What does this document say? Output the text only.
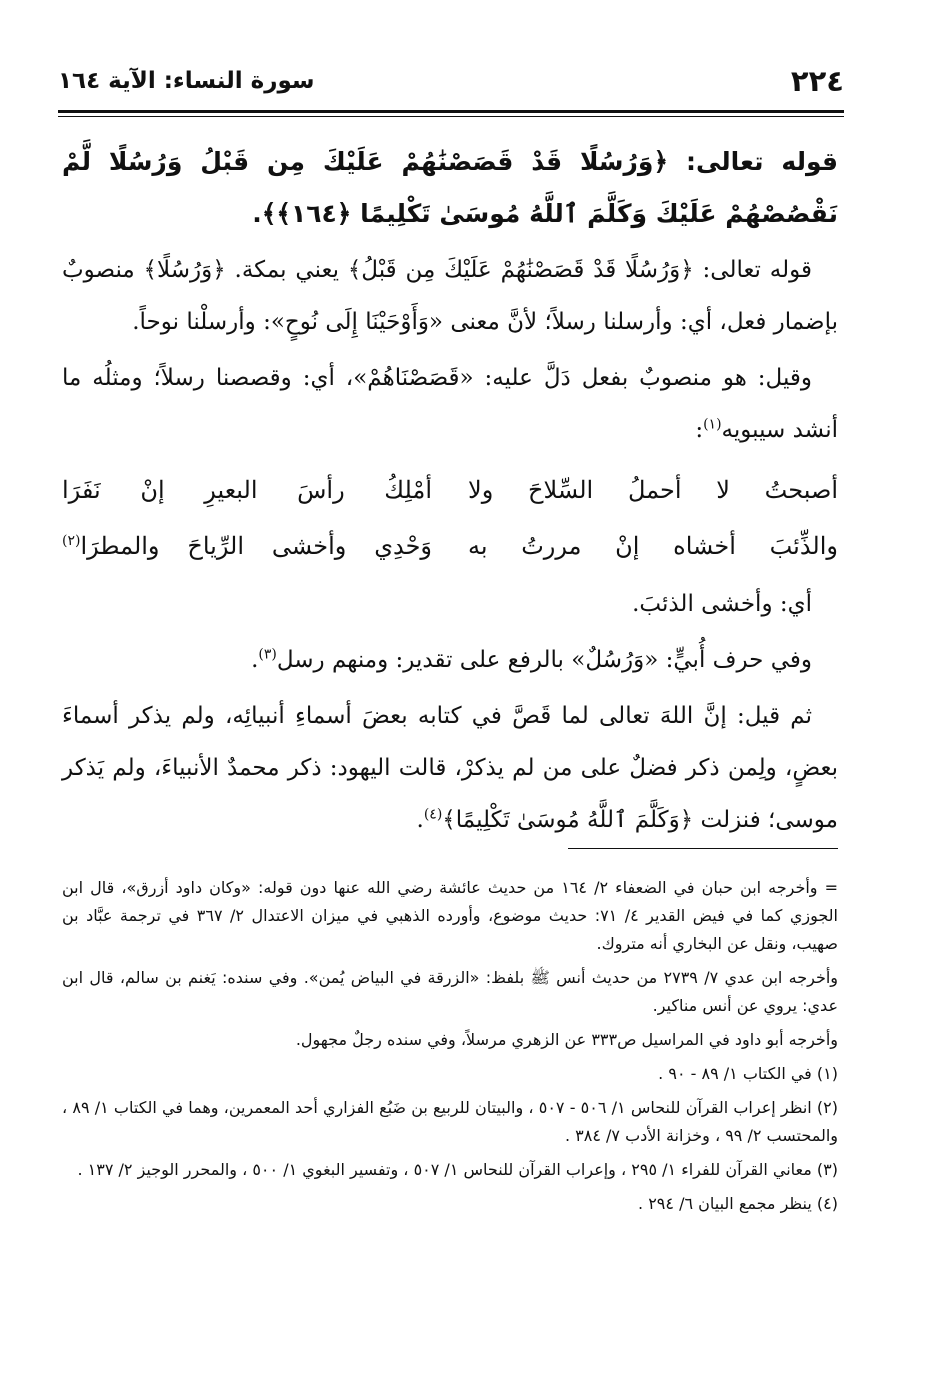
٢٢٤
سورة النساء: الآية ١٦٤

قوله تعالى: ﴿وَرُسُلًا قَدْ قَصَصْنَٰهُمْ عَلَيْكَ مِن قَبْلُ وَرُسُلًا لَّمْ نَقْصُصْهُمْ عَلَيْكَ وَكَلَّمَ ٱللَّهُ مُوسَىٰ تَكْلِيمًا ﴿١٦٤﴾﴾.

قوله تعالى: ﴿وَرُسُلًا قَدْ قَصَصْنَٰهُمْ عَلَيْكَ مِن قَبْلُ﴾ يعني بمكة. ﴿وَرُسُلًا﴾ منصوبٌ بإضمار فعل، أي: وأرسلنا رسلاً؛ لأنَّ معنى «وَأَوْحَيْنَا إِلَى نُوحٍ»: وأرسلْنا نوحاً.

وقيل: هو منصوبٌ بفعل دَلَّ عليه: «قَصَصْنَاهُمْ»، أي: وقصصنا رسلاً؛ ومثلُه ما أنشد سيبويه$^{(١)}$:

أصبحتُ لا أحملُ السِّلاحَ ولا
أمْلِكُ رأسَ البعيرِ إنْ نَفَرَا
والذِّئبَ أخشاه إنْ مررتُ به
وَحْدِي وأخشى الرِّياحَ والمطرَا$^{(٢)}$

أي: وأخشى الذئبَ.

وفي حرف أُبيٍّ: «وَرُسُلٌ» بالرفع على تقدير: ومنهم رسل$^{(٣)}$.

ثم قيل: إنَّ اللهَ تعالى لما قَصَّ في كتابه بعضَ أسماءِ أنبيائِه، ولم يذكر أسماءَ بعضٍ، ولِمن ذكر فضلٌ على من لم يذكرْ، قالت اليهود: ذكر محمدٌ الأنبياءَ، ولم يَذكر موسى؛ فنزلت ﴿وَكَلَّمَ ٱللَّهُ مُوسَىٰ تَكْلِيمًا﴾$^{(٤)}$.

= وأخرجه ابن حبان في الضعفاء ٢/ ١٦٤ من حديث عائشة رضي الله عنها دون قوله: «وكان داود أزرق»، قال ابن الجوزي كما في فيض القدير ٤/ ٧١: حديث موضوع، وأورده الذهبي في ميزان الاعتدال ٢/ ٣٦٧ في ترجمة عبَّاد بن صهيب، ونقل عن البخاري أنه متروك.

وأخرجه ابن عدي ٧/ ٢٧٣٩ من حديث أنس ﷺ بلفظ: «الزرقة في البياض يُمن». وفي سنده: يَغنم بن سالم، قال ابن عدي: يروي عن أنس مناكير.

وأخرجه أبو داود في المراسيل ص٣٣٣ عن الزهري مرسلاً، وفي سنده رجلٌ مجهول.

(١) في الكتاب ١/ ٨٩ - ٩٠ .

(٢) انظر إعراب القرآن للنحاس ١/ ٥٠٦ - ٥٠٧ ، والبيتان للربيع بن ضَبُع الفزاري أحد المعمرين، وهما في الكتاب ١/ ٨٩ ، والمحتسب ٢/ ٩٩ ، وخزانة الأدب ٧/ ٣٨٤ .

(٣) معاني القرآن للفراء ١/ ٢٩٥ ، وإعراب القرآن للنحاس ١/ ٥٠٧ ، وتفسير البغوي ١/ ٥٠٠ ، والمحرر الوجيز ٢/ ١٣٧ .

(٤) ينظر مجمع البيان ٦/ ٢٩٤ .
